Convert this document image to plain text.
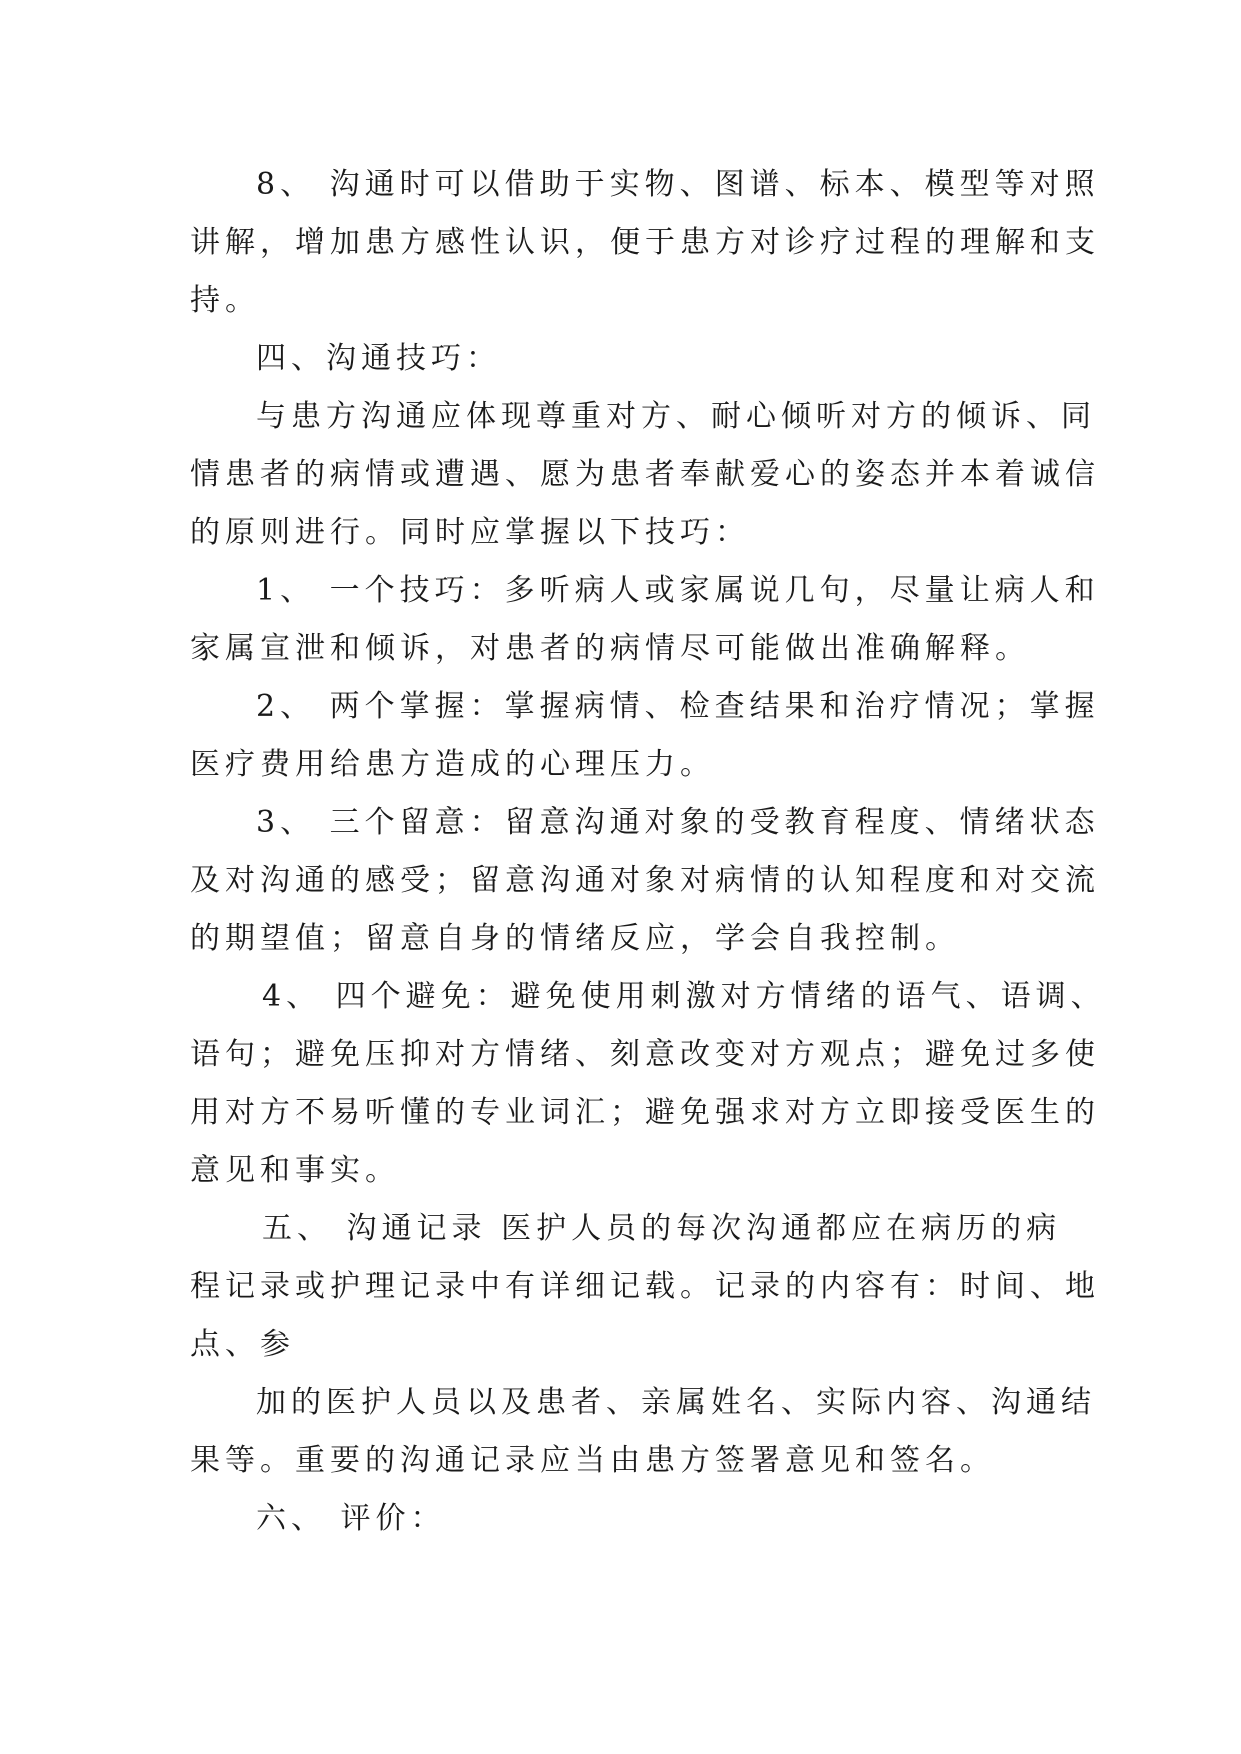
8、 沟通时可以借助于实物、图谱、标本、模型等对照
讲解，增加患方感性认识，便于患方对诊疗过程的理解和支
持。
四、沟通技巧：
与患方沟通应体现尊重对方、耐心倾听对方的倾诉、同
情患者的病情或遭遇、愿为患者奉献爱心的姿态并本着诚信
的原则进行。同时应掌握以下技巧：
1、 一个技巧：多听病人或家属说几句，尽量让病人和
家属宣泄和倾诉，对患者的病情尽可能做出准确解释。
2、 两个掌握：掌握病情、检查结果和治疗情况；掌握
医疗费用给患方造成的心理压力。
3、 三个留意：留意沟通对象的受教育程度、情绪状态
及对沟通的感受；留意沟通对象对病情的认知程度和对交流
的期望值；留意自身的情绪反应，学会自我控制。
4、 四个避免：避免使用刺激对方情绪的语气、语调、
语句；避免压抑对方情绪、刻意改变对方观点；避免过多使
用对方不易听懂的专业词汇；避免强求对方立即接受医生的
意见和事实。
五、 沟通记录 医护人员的每次沟通都应在病历的病
程记录或护理记录中有详细记载。记录的内容有：时间、地
点、参
加的医护人员以及患者、亲属姓名、实际内容、沟通结
果等。重要的沟通记录应当由患方签署意见和签名。
六、 评价：
